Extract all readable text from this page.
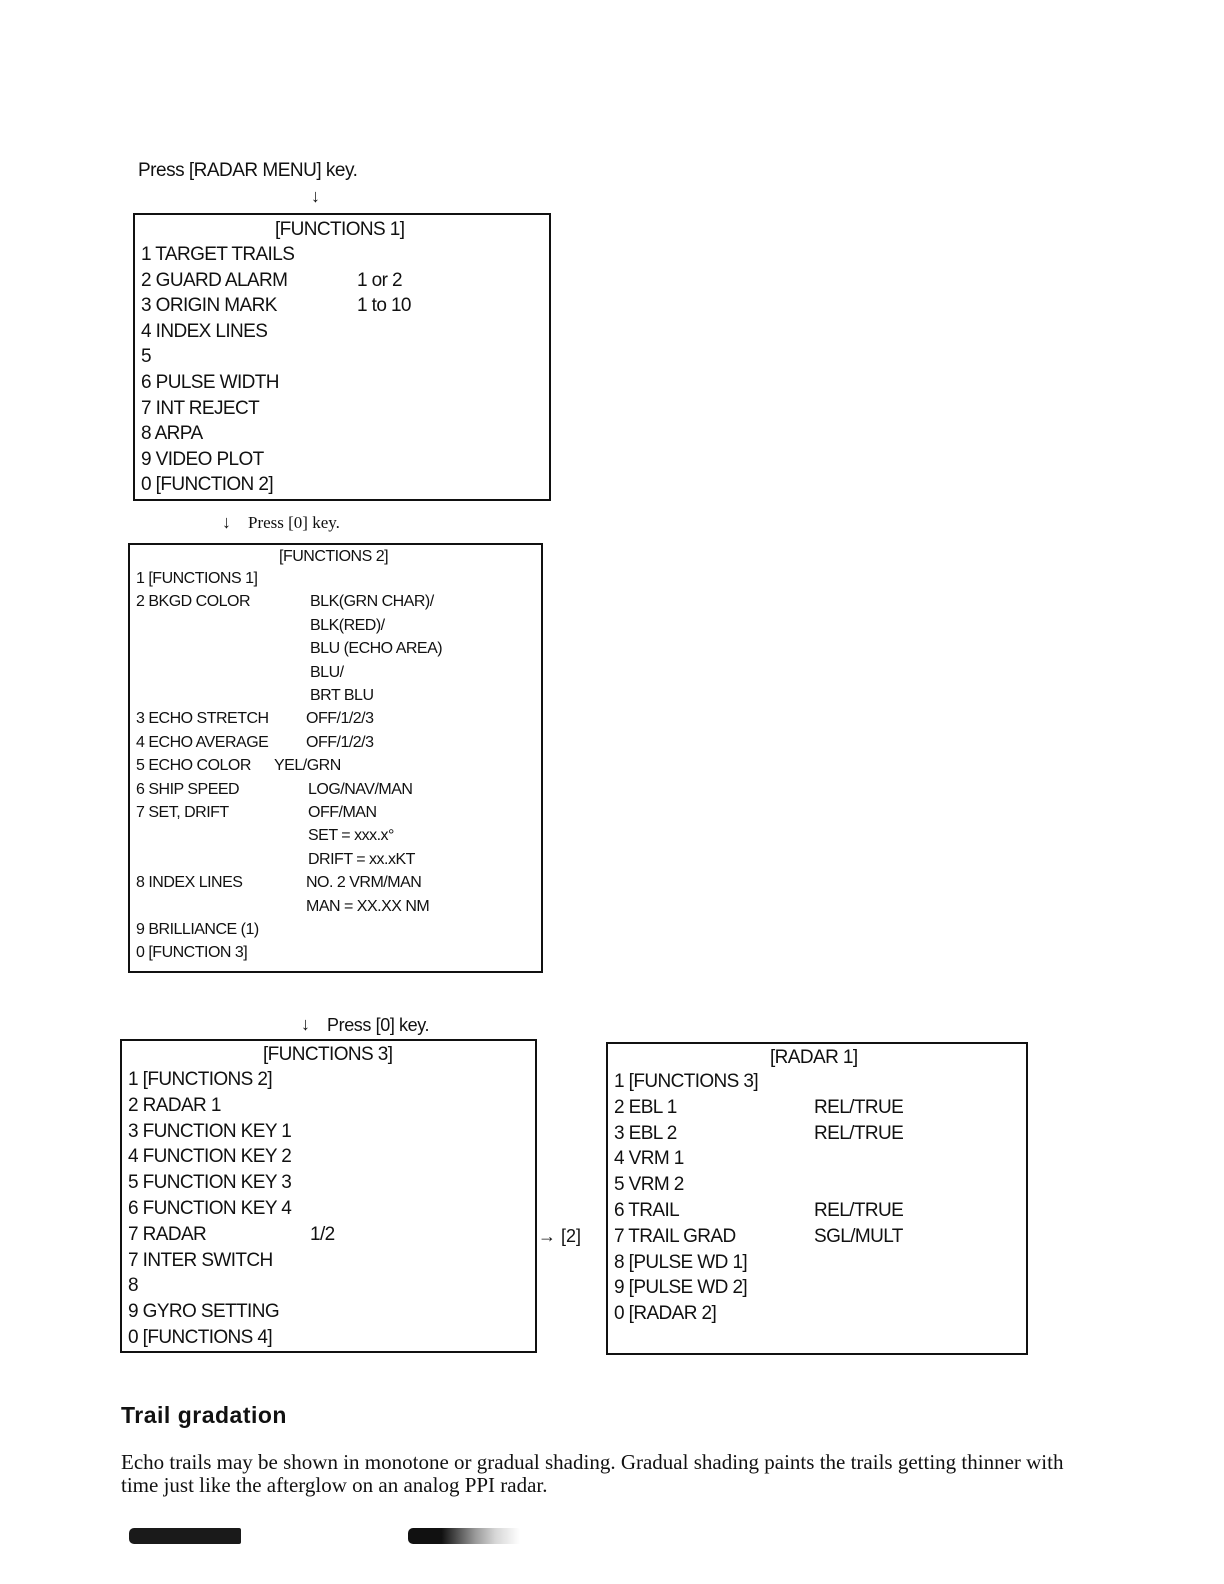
Press [RADAR MENU] key.
↓
[FUNCTIONS 1]
1 TARGET TRAILS
2 GUARD ALARM	1 or 2
3 ORIGIN MARK	1 to 10
4 INDEX LINES
5
6 PULSE WIDTH
7 INT REJECT
8 ARPA
9 VIDEO PLOT
0 [FUNCTION 2]
↓ Press [0] key.
[FUNCTIONS 2]
1 [FUNCTIONS 1]
2 BKGD COLOR	BLK(GRN CHAR)/
BLK(RED)/
BLU (ECHO AREA)
BLU/
BRT BLU
3 ECHO STRETCH OFF/1/2/3
4 ECHO AVERAGE OFF/1/2/3
5 ECHO COLOR YEL/GRN
6 SHIP SPEED	LOG/NAV/MAN
7 SET, DRIFT	OFF/MAN
SET = xxx.x°
DRIFT = xx.xKT
8 INDEX LINES	NO. 2 VRM/MAN
MAN = XX.XX NM
9 BRILLIANCE (1)
0 [FUNCTION 3]
↓ Press [0] key.
[FUNCTIONS 3]
1 [FUNCTIONS 2]
2 RADAR 1
3 FUNCTION KEY 1
4 FUNCTION KEY 2
5 FUNCTION KEY 3
6 FUNCTION KEY 4
7 RADAR	1/2
7 INTER SWITCH
8
9 GYRO SETTING
0 [FUNCTIONS 4]
→ [2]
[RADAR 1]
1 [FUNCTIONS 3]
2 EBL 1	REL/TRUE
3 EBL 2	REL/TRUE
4 VRM 1
5 VRM 2
6 TRAIL	REL/TRUE
7 TRAIL GRAD	SGL/MULT
8 [PULSE WD 1]
9 [PULSE WD 2]
0 [RADAR 2]
Trail gradation
Echo trails may be shown in monotone or gradual shading. Gradual shading paints the trails getting thinner with time just like the afterglow on an analog PPI radar.
